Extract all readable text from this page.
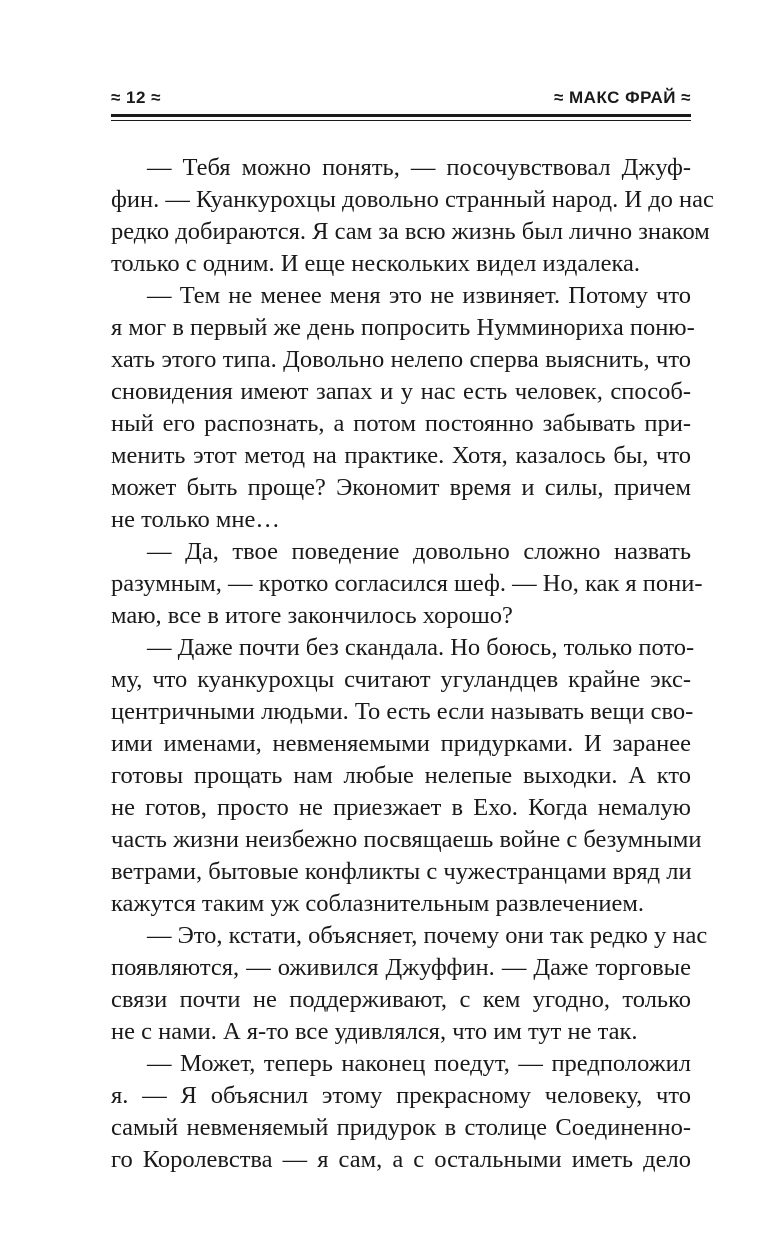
≈ 12 ≈	≈ МАКС ФРАЙ ≈
— Тебя можно понять, — посочувствовал Джуф-
фин. — Куанкурохцы довольно странный народ. И до нас
редко добираются. Я сам за всю жизнь был лично знаком
только с одним. И еще нескольких видел издалека.
— Тем не менее меня это не извиняет. Потому что
я мог в первый же день попросить Нумминориха поню-
хать этого типа. Довольно нелепо сперва выяснить, что
сновидения имеют запах и у нас есть человек, способ-
ный его распознать, а потом постоянно забывать при-
менить этот метод на практике. Хотя, казалось бы, что
может быть проще? Экономит время и силы, причем
не только мне…
— Да, твое поведение довольно сложно назвать
разумным, — кротко согласился шеф. — Но, как я пони-
маю, все в итоге закончилось хорошо?
— Даже почти без скандала. Но боюсь, только пото-
му, что куанкурохцы считают угуландцев крайне экс-
центричными людьми. То есть если называть вещи сво-
ими именами, невменяемыми придурками. И заранее
готовы прощать нам любые нелепые выходки. А кто
не готов, просто не приезжает в Ехо. Когда немалую
часть жизни неизбежно посвящаешь войне с безумными
ветрами, бытовые конфликты с чужестранцами вряд ли
кажутся таким уж соблазнительным развлечением.
— Это, кстати, объясняет, почему они так редко у нас
появляются, — оживился Джуффин. — Даже торговые
связи почти не поддерживают, с кем угодно, только
не с нами. А я-то все удивлялся, что им тут не так.
— Может, теперь наконец поедут, — предположил
я. — Я объяснил этому прекрасному человеку, что
самый невменяемый придурок в столице Соединенно-
го Королевства — я сам, а с остальными иметь дело
